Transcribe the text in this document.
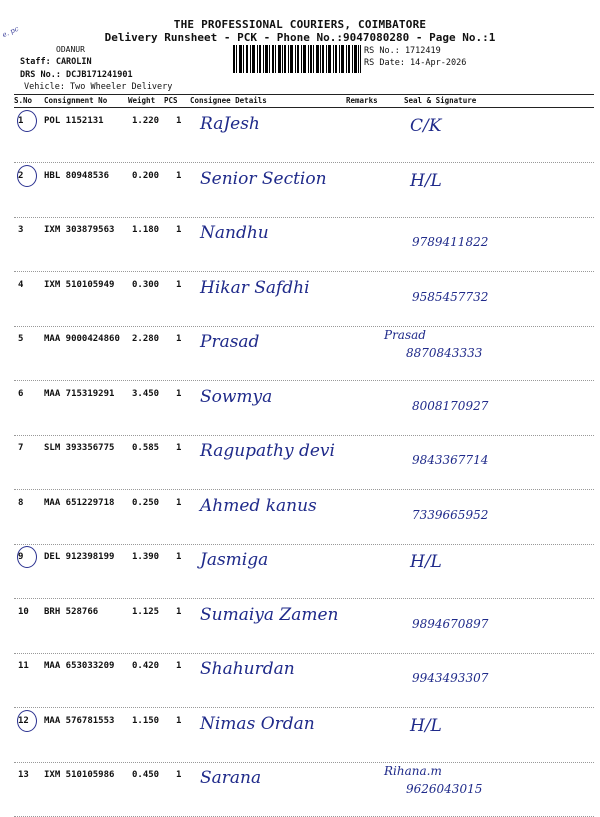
e. pc
THE PROFESSIONAL COURIERS, COIMBATORE
Delivery Runsheet - PCK - Phone No.:9047080280 - Page No.:1
ODANUR
Staff: CAROLIN
DRS No.: DCJB171241901
Vehicle: Two Wheeler Delivery
RS No.: 1712419
RS Date: 14-Apr-2026
S.No Consignment No	Weight PCS Consignee Details	Remarks	Seal & Signature
1 POL 1152131	1.220 1 RaJesh	C/K
2 HBL 80948536	0.200 1 Senior Section	H/L
3 IXM 303879563 1.180 1 Nandhu	9789411822
4 IXM 510105949 0.300 1 Hikar Safdhi	9585457732
5 MAA 9000424860 2.280 1 Prasad	Prasad
8870843333
6 MAA 715319291 3.450 1 Sowmya	8008170927
7 SLM 393356775 0.585 1 Ragupathy devi	9843367714
8 MAA 651229718 0.250 1 Ahmed kanus	7339665952
9 DEL 912398199 1.390 1 Jasmiga	H/L
10 BRH 528766	1.125 1 Sumaiya Zamen	9894670897
11 MAA 653033209 0.420 1 Shahurdan	9943493307
12 MAA 576781553 1.150 1 Nimas Ordan	H/L
13 IXM 510105986 0.450 1 Sarana	Rihana.m
9626043015
